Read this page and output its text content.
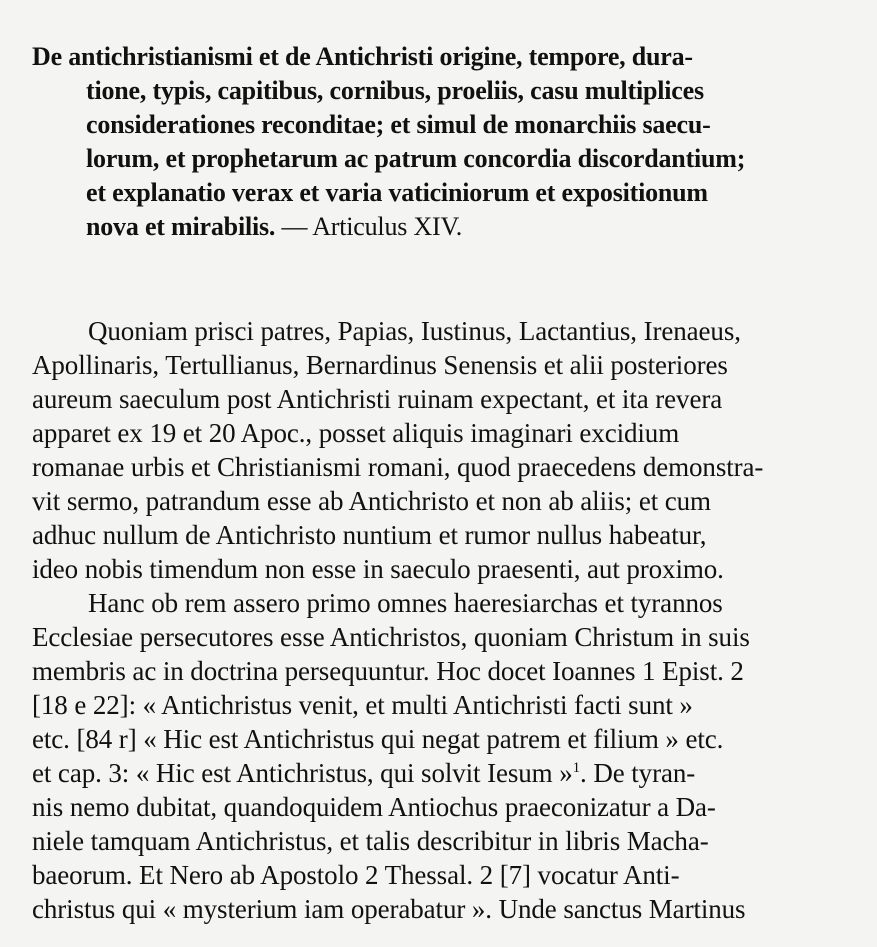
De antichristianismi et de Antichristi origine, tempore, dura-
tione, typis, capitibus, cornibus, proeliis, casu multiplices
considerationes reconditae; et simul de monarchiis saecu-
lorum, et prophetarum ac patrum concordia discordantium;
et explanatio verax et varia vaticiniorum et expositionum
nova et mirabilis. — Articulus XIV.
Quoniam prisci patres, Papias, Iustinus, Lactantius, Irenaeus,
Apollinaris, Tertullianus, Bernardinus Senensis et alii posteriores
aureum saeculum post Antichristi ruinam expectant, et ita revera
apparet ex 19 et 20 Apoc., posset aliquis imaginari excidium
romanae urbis et Christianismi romani, quod praecedens demonstra-
vit sermo, patrandum esse ab Antichristo et non ab aliis; et cum
adhuc nullum de Antichristo nuntium et rumor nullus habeatur,
ideo nobis timendum non esse in saeculo praesenti, aut proximo.
Hanc ob rem assero primo omnes haeresiarchas et tyrannos
Ecclesiae persecutores esse Antichristos, quoniam Christum in suis
membris ac in doctrina persequuntur. Hoc docet Ioannes 1 Epist. 2
[18 e 22]: « Antichristus venit, et multi Antichristi facti sunt »
etc. [84 r] « Hic est Antichristus qui negat patrem et filium » etc.
et cap. 3: « Hic est Antichristus, qui solvit Iesum »$^1$. De tyran-
nis nemo dubitat, quandoquidem Antiochus praeconizatur a Da-
niele tamquam Antichristus, et talis describitur in libris Macha-
baeorum. Et Nero ab Apostolo 2 Thessal. 2 [7] vocatur Anti-
christus qui « mysterium iam operabatur ». Unde sanctus Martinus
